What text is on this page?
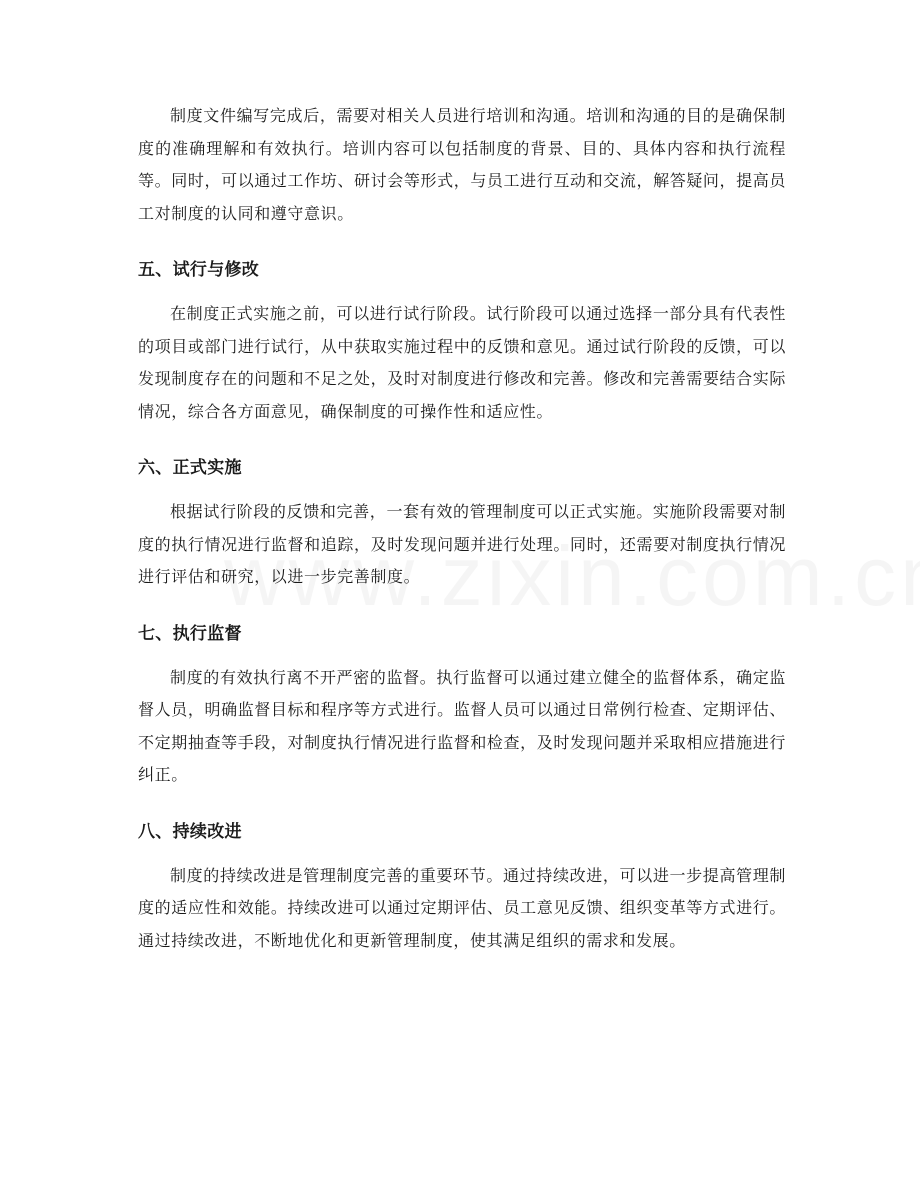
制度文件编写完成后，需要对相关人员进行培训和沟通。培训和沟通的目的是确保制度的准确理解和有效执行。培训内容可以包括制度的背景、目的、具体内容和执行流程等。同时，可以通过工作坊、研讨会等形式，与员工进行互动和交流，解答疑问，提高员工对制度的认同和遵守意识。

五、试行与修改

在制度正式实施之前，可以进行试行阶段。试行阶段可以通过选择一部分具有代表性的项目或部门进行试行，从中获取实施过程中的反馈和意见。通过试行阶段的反馈，可以发现制度存在的问题和不足之处，及时对制度进行修改和完善。修改和完善需要结合实际情况，综合各方面意见，确保制度的可操作性和适应性。

六、正式实施

根据试行阶段的反馈和完善，一套有效的管理制度可以正式实施。实施阶段需要对制度的执行情况进行监督和追踪，及时发现问题并进行处理。同时，还需要对制度执行情况进行评估和研究，以进一步完善制度。

七、执行监督

制度的有效执行离不开严密的监督。执行监督可以通过建立健全的监督体系，确定监督人员，明确监督目标和程序等方式进行。监督人员可以通过日常例行检查、定期评估、不定期抽查等手段，对制度执行情况进行监督和检查，及时发现问题并采取相应措施进行纠正。

八、持续改进

制度的持续改进是管理制度完善的重要环节。通过持续改进，可以进一步提高管理制度的适应性和效能。持续改进可以通过定期评估、员工意见反馈、组织变革等方式进行。通过持续改进，不断地优化和更新管理制度，使其满足组织的需求和发展。
